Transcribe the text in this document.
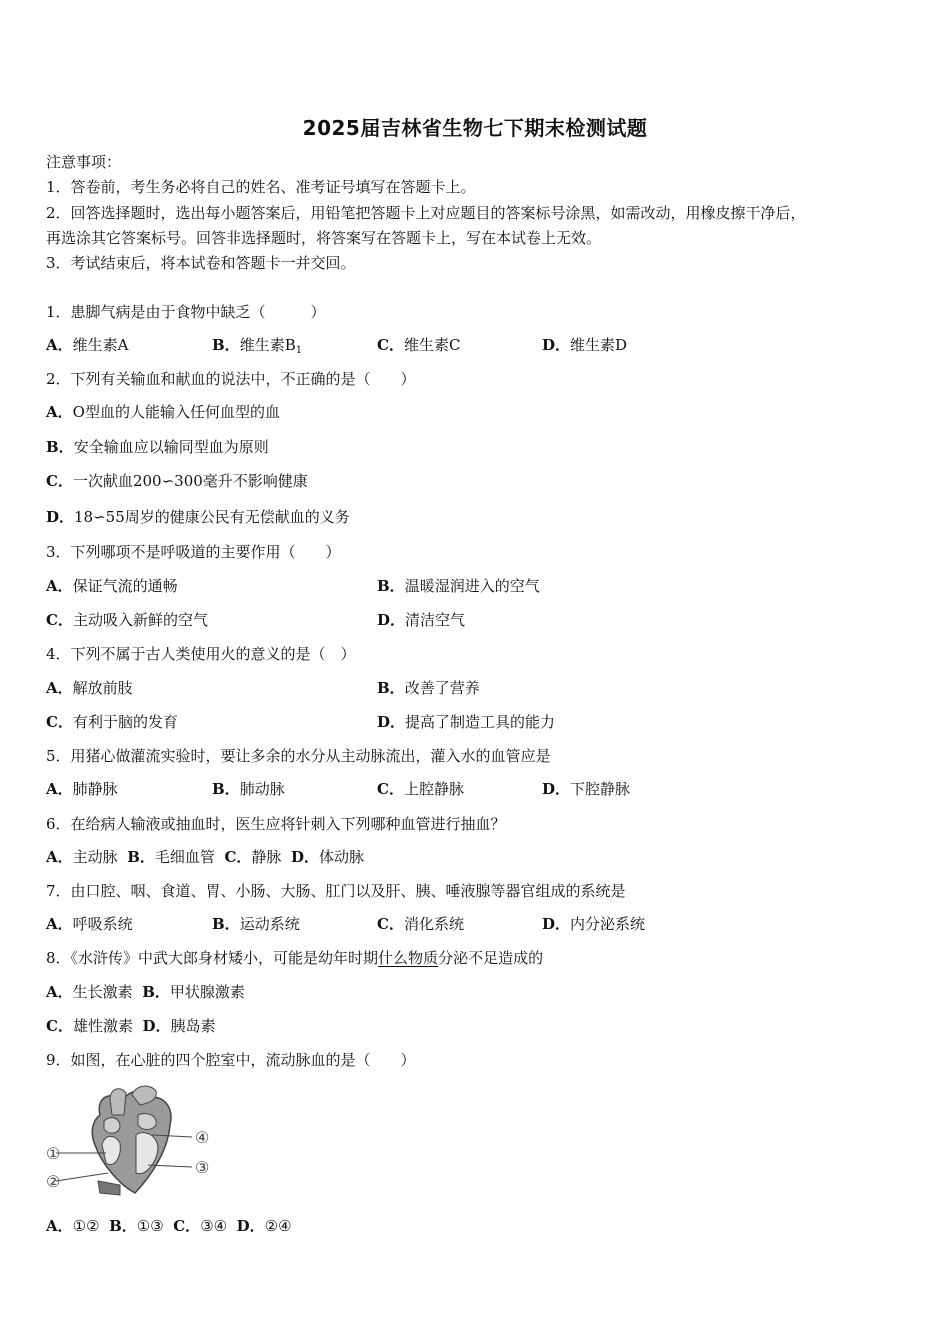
2025届吉林省生物七下期末检测试题
注意事项：
1．答卷前，考生务必将自己的姓名、准考证号填写在答题卡上。
2．回答选择题时，选出每小题答案后，用铅笔把答题卡上对应题目的答案标号涂黑，如需改动，用橡皮擦干净后，
再选涂其它答案标号。回答非选择题时，将答案写在答题卡上，写在本试卷上无效。
3．考试结束后，将本试卷和答题卡一并交回。
1．患脚气病是由于食物中缺乏（　　　）
A．维生素A	B．维生素$B_1$	C．维生素C	D．维生素D
2．下列有关输血和献血的说法中，不正确的是（　　）
A．O型血的人能输入任何血型的血
B．安全输血应以输同型血为原则
C．一次献血200∽300毫升不影响健康
D．18∽55周岁的健康公民有无偿献血的义务
3．下列哪项不是呼吸道的主要作用（　　）
A．保证气流的通畅	B．温暖湿润进入的空气
C．主动吸入新鲜的空气	D．清洁空气
4．下列不属于古人类使用火的意义的是（　）
A．解放前肢	B．改善了营养
C．有利于脑的发育	D．提高了制造工具的能力
5．用猪心做灌流实验时，要让多余的水分从主动脉流出，灌入水的血管应是
A．肺静脉	B．肺动脉	C．上腔静脉	D．下腔静脉
6．在给病人输液或抽血时，医生应将针刺入下列哪种血管进行抽血？
A．主动脉 B．毛细血管 C．静脉 D．体动脉
7．由口腔、咽、食道、胃、小肠、大肠、肛门以及肝、胰、唾液腺等器官组成的系统是
A．呼吸系统	B．运动系统	C．消化系统	D．内分泌系统
8．《水浒传》中武大郎身材矮小，可能是幼年时期什么物质分泌不足造成的
A．生长激素 B．甲状腺激素
C．雄性激素 D．胰岛素
9．如图，在心脏的四个腔室中，流动脉血的是（　　）
①
②
③
④
A．①② B．①③ C．③④ D．②④
